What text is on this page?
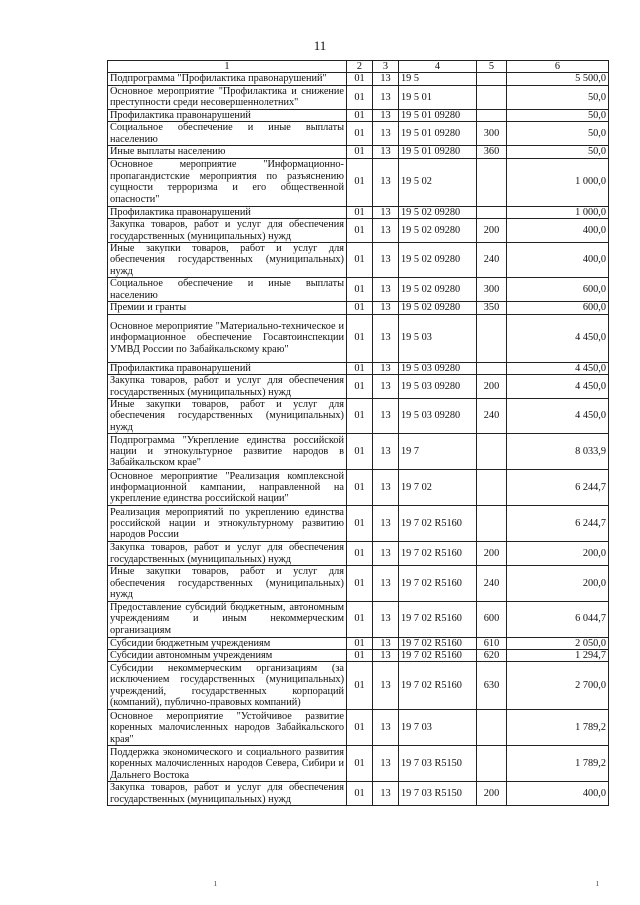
11
1	2	3	4	5	6
Подпрограмма "Профилактика правонарушений"	01	13	19 5		5 500,0
Основное мероприятие "Профилактика и снижение преступности среди несовершеннолетних"	01	13	19 5 01		50,0
Профилактика правонарушений	01	13	19 5 01 09280		50,0
Социальное обеспечение и иные выплаты населению	01	13	19 5 01 09280	300	50,0
Иные выплаты населению	01	13	19 5 01 09280	360	50,0
Основное мероприятие "Информационно-пропагандистские мероприятия по разъяснению сущности терроризма и его общественной опасности"	01	13	19 5 02		1 000,0
Профилактика правонарушений	01	13	19 5 02 09280		1 000,0
Закупка товаров, работ и услуг для обеспечения государственных (муниципальных) нужд	01	13	19 5 02 09280	200	400,0
Иные закупки товаров, работ и услуг для обеспечения государственных (муниципальных) нужд	01	13	19 5 02 09280	240	400,0
Социальное обеспечение и иные выплаты населению	01	13	19 5 02 09280	300	600,0
Премии и гранты	01	13	19 5 02 09280	350	600,0
Основное мероприятие "Материально-техническое и информационное обеспечение Госавтоинспекции УМВД России по Забайкальскому краю"	01	13	19 5 03		4 450,0
Профилактика правонарушений	01	13	19 5 03 09280		4 450,0
Закупка товаров, работ и услуг для обеспечения государственных (муниципальных) нужд	01	13	19 5 03 09280	200	4 450,0
Иные закупки товаров, работ и услуг для обеспечения государственных (муниципальных) нужд	01	13	19 5 03 09280	240	4 450,0
Подпрограмма "Укрепление единства российской нации и этнокультурное развитие народов в Забайкальском крае"	01	13	19 7		8 033,9
Основное мероприятие "Реализация комплексной информационной кампании, направленной на укрепление единства российской нации"	01	13	19 7 02		6 244,7
Реализация мероприятий по укреплению единства российской нации и этнокультурному развитию народов России	01	13	19 7 02 R5160		6 244,7
Закупка товаров, работ и услуг для обеспечения государственных (муниципальных) нужд	01	13	19 7 02 R5160	200	200,0
Иные закупки товаров, работ и услуг для обеспечения государственных (муниципальных) нужд	01	13	19 7 02 R5160	240	200,0
Предоставление субсидий бюджетным, автономным учреждениям и иным некоммерческим организациям	01	13	19 7 02 R5160	600	6 044,7
Субсидии бюджетным учреждениям	01	13	19 7 02 R5160	610	2 050,0
Субсидии автономным учреждениям	01	13	19 7 02 R5160	620	1 294,7
Субсидии некоммерческим организациям (за исключением государственных (муниципальных) учреждений, государственных корпораций (компаний), публично-правовых компаний)	01	13	19 7 02 R5160	630	2 700,0
Основное мероприятие "Устойчивое развитие коренных малочисленных народов Забайкальского края"	01	13	19 7 03		1 789,2
Поддержка экономического и социального развития коренных малочисленных народов Севера, Сибири и Дальнего Востока	01	13	19 7 03 R5150		1 789,2
Закупка товаров, работ и услуг для обеспечения государственных (муниципальных) нужд	01	13	19 7 03 R5150	200	400,0
ı	ı
